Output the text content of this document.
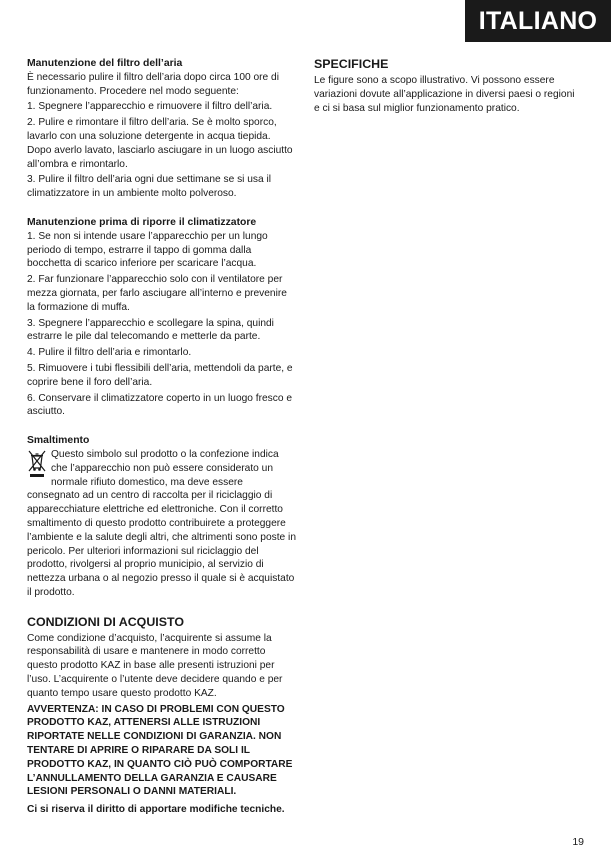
ITALIANO
Manutenzione del filtro dell’aria

È necessario pulire il filtro dell’aria dopo circa 100 ore di funzionamento. Procedere nel modo seguente:

1. Spegnere l’apparecchio e rimuovere il filtro dell’aria.

2. Pulire e rimontare il filtro dell’aria. Se è molto sporco, lavarlo con una soluzione detergente in acqua tiepida. Dopo averlo lavato, lasciarlo asciugare in un luogo asciutto all’ombra e rimontarlo.

3. Pulire il filtro dell’aria ogni due settimane se si usa il climatizzatore in un ambiente molto polveroso.

Manutenzione prima di riporre il climatizzatore

1. Se non si intende usare l’apparecchio per un lungo periodo di tempo, estrarre il tappo di gomma dalla bocchetta di scarico inferiore per scaricare l’acqua.

2. Far funzionare l’apparecchio solo con il ventilatore per mezza giornata, per farlo asciugare all’interno e prevenire la formazione di muffa.

3. Spegnere l’apparecchio e scollegare la spina, quindi estrarre le pile dal telecomando e metterle da parte.

4. Pulire il filtro dell’aria e rimontarlo.

5. Rimuovere i tubi flessibili dell’aria, mettendoli da parte, e coprire bene il foro dell’aria.

6. Conservare il climatizzatore coperto in un luogo fresco e asciutto.

Smaltimento

Questo simbolo sul prodotto o la confezione indica che l’apparecchio non può essere considerato un normale rifiuto domestico, ma deve essere consegnato ad un centro di raccolta per il riciclaggio di apparecchiature elettriche ed elettroniche. Con il corretto smaltimento di questo prodotto contribuirete a proteggere l’ambiente e la salute degli altri, che altrimenti sono poste in pericolo. Per ulteriori informazioni sul riciclaggio del prodotto, rivolgersi al proprio municipio, al servizio di nettezza urbana o al negozio presso il quale si è acquistato il prodotto.

CONDIZIONI DI ACQUISTO

Come condizione d’acquisto, l’acquirente si assume la responsabilità di usare e mantenere in modo corretto questo prodotto KAZ in base alle presenti istruzioni per l’uso. L’acquirente o l’utente deve decidere quando e per quanto tempo usare questo prodotto KAZ.

AVVERTENZA: IN CASO DI PROBLEMI CON QUESTO PRODOTTO KAZ, ATTENERSI ALLE ISTRUZIONI RIPORTATE NELLE CONDIZIONI DI GARANZIA. NON TENTARE DI APRIRE O RIPARARE DA SOLI IL PRODOTTO KAZ, IN QUANTO CIÒ PUÒ COMPORTARE L’ANNULLAMENTO DELLA GARANZIA E CAUSARE LESIONI PERSONALI O DANNI MATERIALI.

Ci si riserva il diritto di apportare modifiche tecniche.

SPECIFICHE

Le figure sono a scopo illustrativo. Vi possono essere variazioni dovute all’applicazione in diversi paesi o regioni e ci si basa sul miglior funzionamento pratico.

19
